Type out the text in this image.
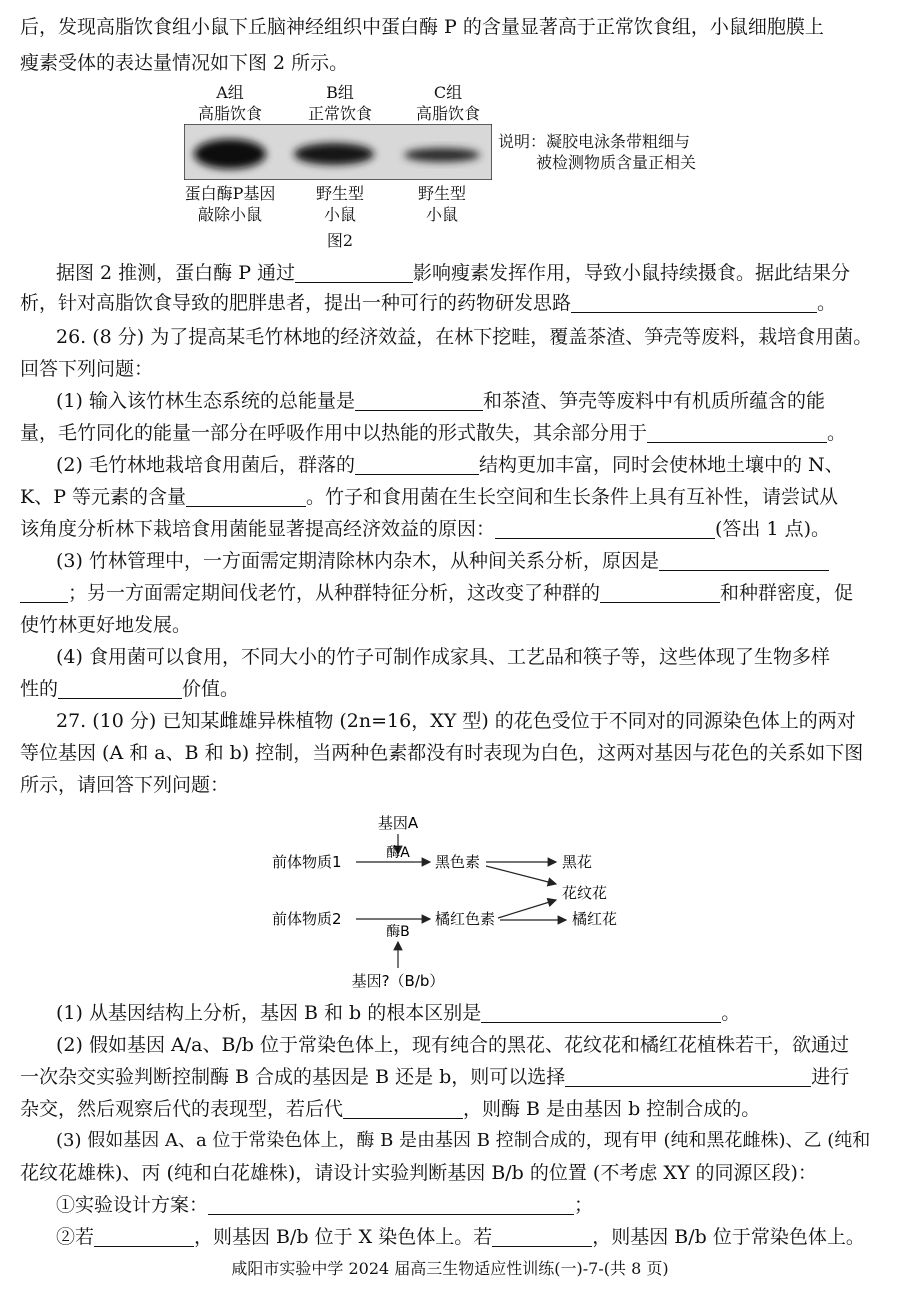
后，发现高脂饮食组小鼠下丘脑神经组织中蛋白酶 P 的含量显著高于正常饮食组，小鼠细胞膜上
瘦素受体的表达量情况如下图 2 所示。
A组
高脂饮食
B组
正常饮食
C组
高脂饮食
说明：凝胶电泳条带粗细与
被检测物质含量正相关
蛋白酶P基因
敲除小鼠
野生型
小鼠
野生型
小鼠
图2
据图 2 推测，蛋白酶 P 通过	影响瘦素发挥作用，导致小鼠持续摄食。据此结果分
析，针对高脂饮食导致的肥胖患者，提出一种可行的药物研发思路	。
26. (8 分) 为了提高某毛竹林地的经济效益，在林下挖畦，覆盖茶渣、笋壳等废料，栽培食用菌。
回答下列问题：
(1) 输入该竹林生态系统的总能量是	和茶渣、笋壳等废料中有机质所蕴含的能
量，毛竹同化的能量一部分在呼吸作用中以热能的形式散失，其余部分用于	。
(2) 毛竹林地栽培食用菌后，群落的	结构更加丰富，同时会使林地土壤中的 N、
K、P 等元素的含量	。竹子和食用菌在生长空间和生长条件上具有互补性，请尝试从
该角度分析林下栽培食用菌能显著提高经济效益的原因：	(答出 1 点)。
(3) 竹林管理中，一方面需定期清除林内杂木，从种间关系分析，原因是
；另一方面需定期间伐老竹，从种群特征分析，这改变了种群的	和种群密度，促
使竹林更好地发展。
(4) 食用菌可以食用，不同大小的竹子可制作成家具、工艺品和筷子等，这些体现了生物多样
性的	价值。
27. (10 分) 已知某雌雄异株植物 (2n=16，XY 型) 的花色受位于不同对的同源染色体上的两对
等位基因 (A 和 a、B 和 b) 控制，当两种色素都没有时表现为白色，这两对基因与花色的关系如下图
所示，请回答下列问题：
基因A
酶A
前体物质1	黑色素	黑花
花纹花
前体物质2	橘红色素	橘红花
酶B
基因?（B/b）
(1) 从基因结构上分析，基因 B 和 b 的根本区别是	。
(2) 假如基因 A/a、B/b 位于常染色体上，现有纯合的黑花、花纹花和橘红花植株若干，欲通过
一次杂交实验判断控制酶 B 合成的基因是 B 还是 b，则可以选择	进行
杂交，然后观察后代的表现型，若后代	，则酶 B 是由基因 b 控制合成的。
(3) 假如基因 A、a 位于常染色体上，酶 B 是由基因 B 控制合成的，现有甲 (纯和黑花雌株)、乙 (纯和
花纹花雄株)、丙 (纯和白花雄株)，请设计实验判断基因 B/b 的位置 (不考虑 XY 的同源区段)：
①实验设计方案：	；
②若	，则基因 B/b 位于 X 染色体上。若	，则基因 B/b 位于常染色体上。
咸阳市实验中学 2024 届高三生物适应性训练(一)-7-(共 8 页)
